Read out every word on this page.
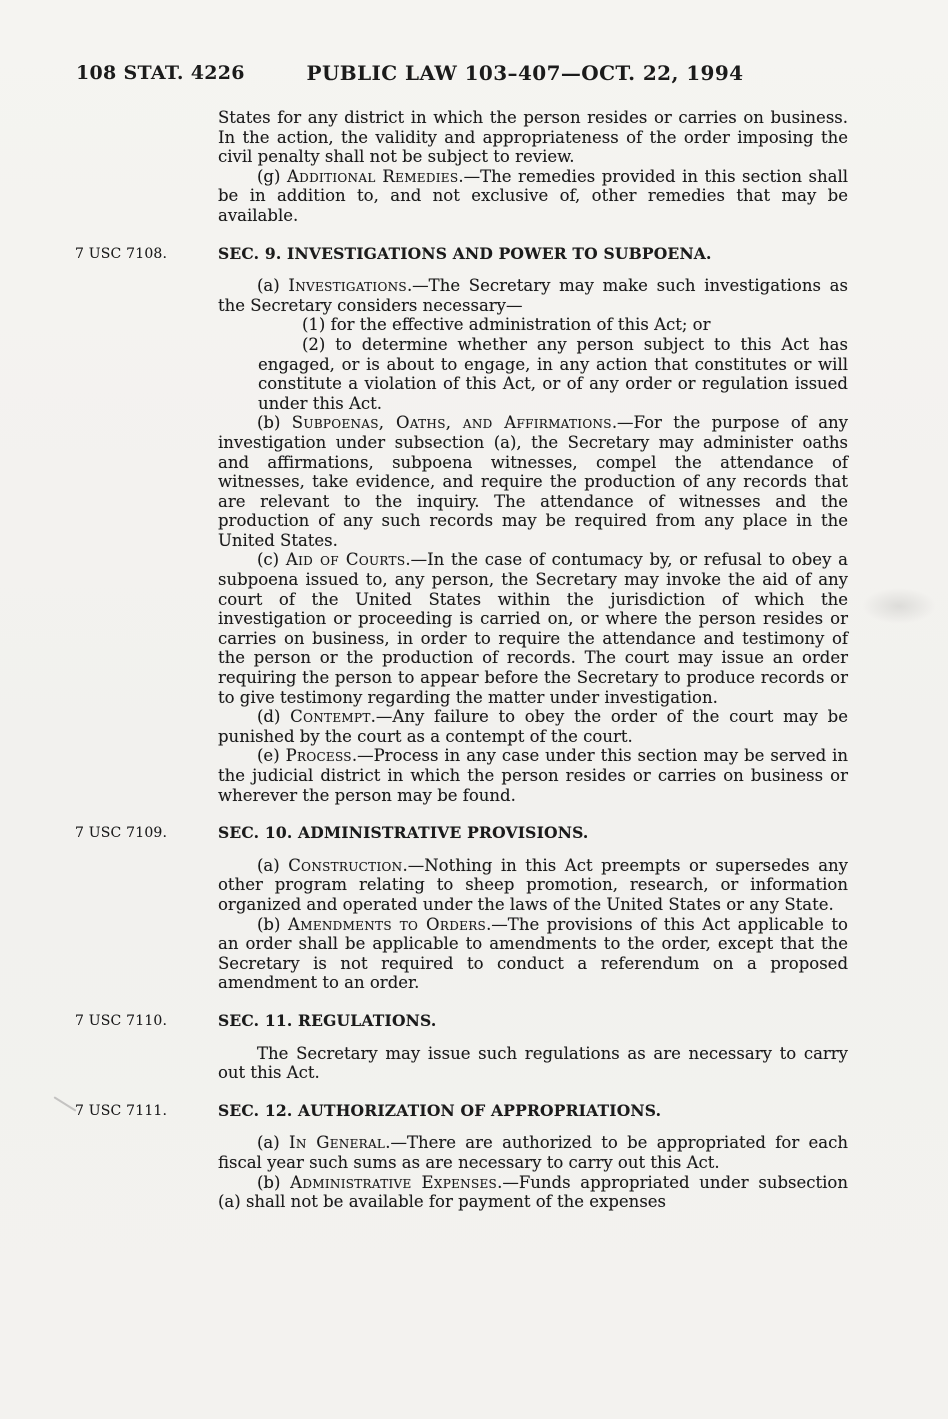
108 STAT. 4226	PUBLIC LAW 103–407—OCT. 22, 1994

States for any district in which the person resides or carries on business. In the action, the validity and appropriateness of the order imposing the civil penalty shall not be subject to review.

(g) Additional Remedies.—The remedies provided in this section shall be in addition to, and not exclusive of, other remedies that may be available.

7 USC 7108.	SEC. 9. INVESTIGATIONS AND POWER TO SUBPOENA.

(a) Investigations.—The Secretary may make such investigations as the Secretary considers necessary—

(1) for the effective administration of this Act; or

(2) to determine whether any person subject to this Act has engaged, or is about to engage, in any action that constitutes or will constitute a violation of this Act, or of any order or regulation issued under this Act.

(b) Subpoenas, Oaths, and Affirmations.—For the purpose of any investigation under subsection (a), the Secretary may administer oaths and affirmations, subpoena witnesses, compel the attendance of witnesses, take evidence, and require the production of any records that are relevant to the inquiry. The attendance of witnesses and the production of any such records may be required from any place in the United States.

(c) Aid of Courts.—In the case of contumacy by, or refusal to obey a subpoena issued to, any person, the Secretary may invoke the aid of any court of the United States within the jurisdiction of which the investigation or proceeding is carried on, or where the person resides or carries on business, in order to require the attendance and testimony of the person or the production of records. The court may issue an order requiring the person to appear before the Secretary to produce records or to give testimony regarding the matter under investigation.

(d) Contempt.—Any failure to obey the order of the court may be punished by the court as a contempt of the court.

(e) Process.—Process in any case under this section may be served in the judicial district in which the person resides or carries on business or wherever the person may be found.

7 USC 7109.	SEC. 10. ADMINISTRATIVE PROVISIONS.

(a) Construction.—Nothing in this Act preempts or supersedes any other program relating to sheep promotion, research, or information organized and operated under the laws of the United States or any State.

(b) Amendments to Orders.—The provisions of this Act applicable to an order shall be applicable to amendments to the order, except that the Secretary is not required to conduct a referendum on a proposed amendment to an order.

7 USC 7110.	SEC. 11. REGULATIONS.

The Secretary may issue such regulations as are necessary to carry out this Act.

7 USC 7111.	SEC. 12. AUTHORIZATION OF APPROPRIATIONS.

(a) In General.—There are authorized to be appropriated for each fiscal year such sums as are necessary to carry out this Act.

(b) Administrative Expenses.—Funds appropriated under subsection (a) shall not be available for payment of the expenses
